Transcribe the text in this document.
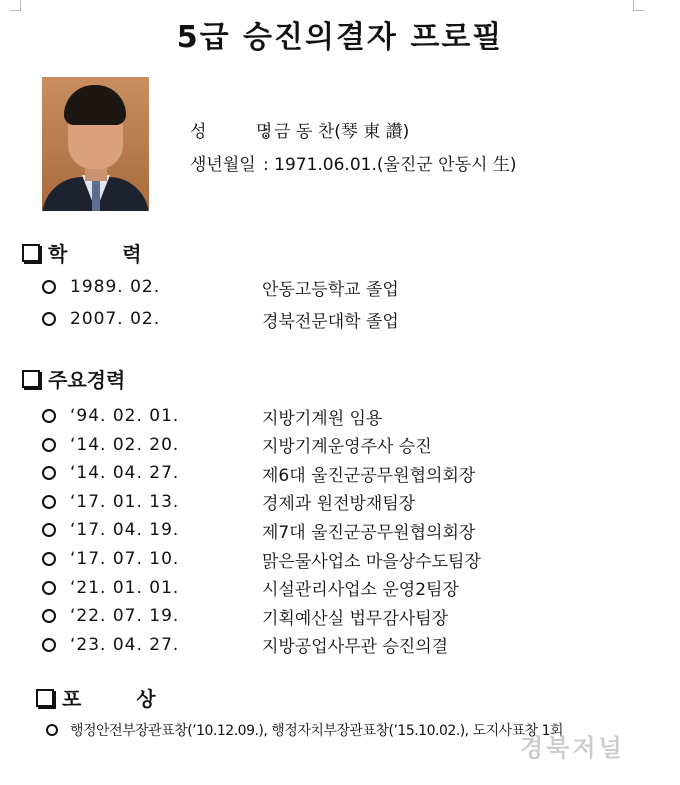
5급 승진의결자 프로필
성 명: 금 동 찬(琴 東 讚)
생년월일 : 1971.06.01.(울진군 안동시 生)
학 력
1989. 02.	안동고등학교 졸업
2007. 02.	경북전문대학 졸업
주요경력
‘94. 02. 01.	지방기계원 임용
‘14. 02. 20.	지방기계운영주사 승진
‘14. 04. 27.	제6대 울진군공무원협의회장
‘17. 01. 13.	경제과 원전방재팀장
‘17. 04. 19.	제7대 울진군공무원협의회장
‘17. 07. 10.	맑은물사업소 마을상수도팀장
‘21. 01. 01.	시설관리사업소 운영2팀장
‘22. 07. 19.	기획예산실 법무감사팀장
‘23. 04. 27.	지방공업사무관 승진의결
포 상
행정안전부장관표창(’10.12.09.), 행정자치부장관표창(’15.10.02.), 도지사표창 1회
경북저널
